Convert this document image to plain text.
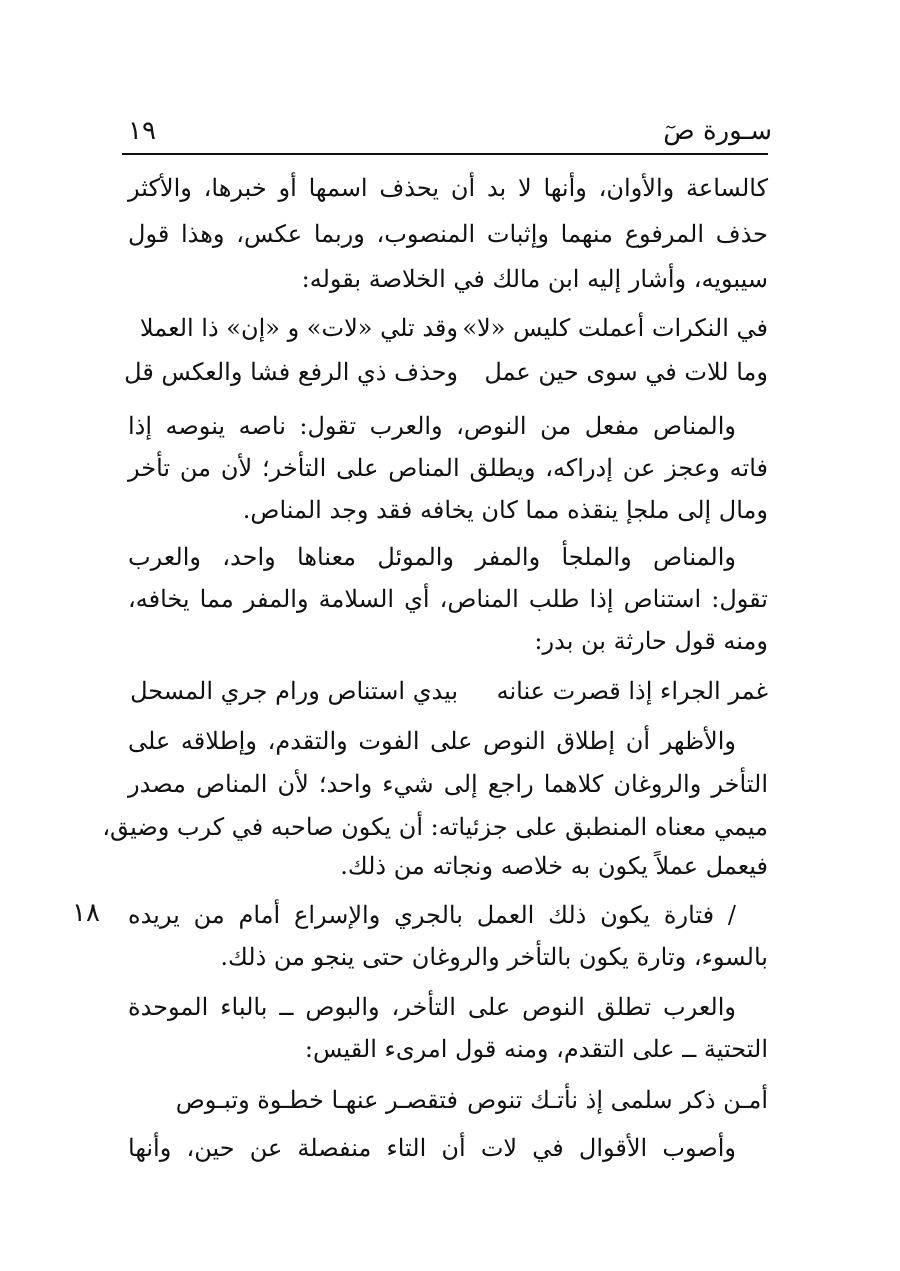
سـورة صٓ
١٩
كالساعة والأوان، وأنها لا بد أن يحذف اسمها أو خبرها، والأكثر
حذف المرفوع منهما وإثبات المنصوب، وربما عكس، وهذا قول
سيبويه، وأشار إليه ابن مالك في الخلاصة بقوله:
في النكرات أعملت كليس «لا»
وقد تلي «لات» و «إن» ذا العملا
وما للات في سوى حين عمل
وحذف ذي الرفع فشا والعكس قل
والمناص مفعل من النوص، والعرب تقول: ناصه ينوصه إذا
فاته وعجز عن إدراكه، ويطلق المناص على التأخر؛ لأن من تأخر
ومال إلى ملجإ ينقذه مما كان يخافه فقد وجد المناص.
والمناص والملجأ والمفر والموئل معناها واحد، والعرب
تقول: استناص إذا طلب المناص، أي السلامة والمفر مما يخافه،
ومنه قول حارثة بن بدر:
غمر الجراء إذا قصرت عنانه
بيدي استناص ورام جري المسحل
والأظهر أن إطلاق النوص على الفوت والتقدم، وإطلاقه على
التأخر والروغان كلاهما راجع إلى شيء واحد؛ لأن المناص مصدر
ميمي معناه المنطبق على جزئياته: أن يكون صاحبه في كرب وضيق،
فيعمل عملاً يكون به خلاصه ونجاته من ذلك.
١٨ / فتارة يكون ذلك العمل بالجري والإسراع أمام من يريده
بالسوء، وتارة يكون بالتأخر والروغان حتى ينجو من ذلك.
والعرب تطلق النوص على التأخر، والبوص ــ بالباء الموحدة
التحتية ــ على التقدم، ومنه قول امرىء القيس:
أمـن ذكر سلمى إذ نأتـك تنوص
فتقصـر عنهـا خطـوة وتبـوص
وأصوب الأقوال في لات أن التاء منفصلة عن حين، وأنها
